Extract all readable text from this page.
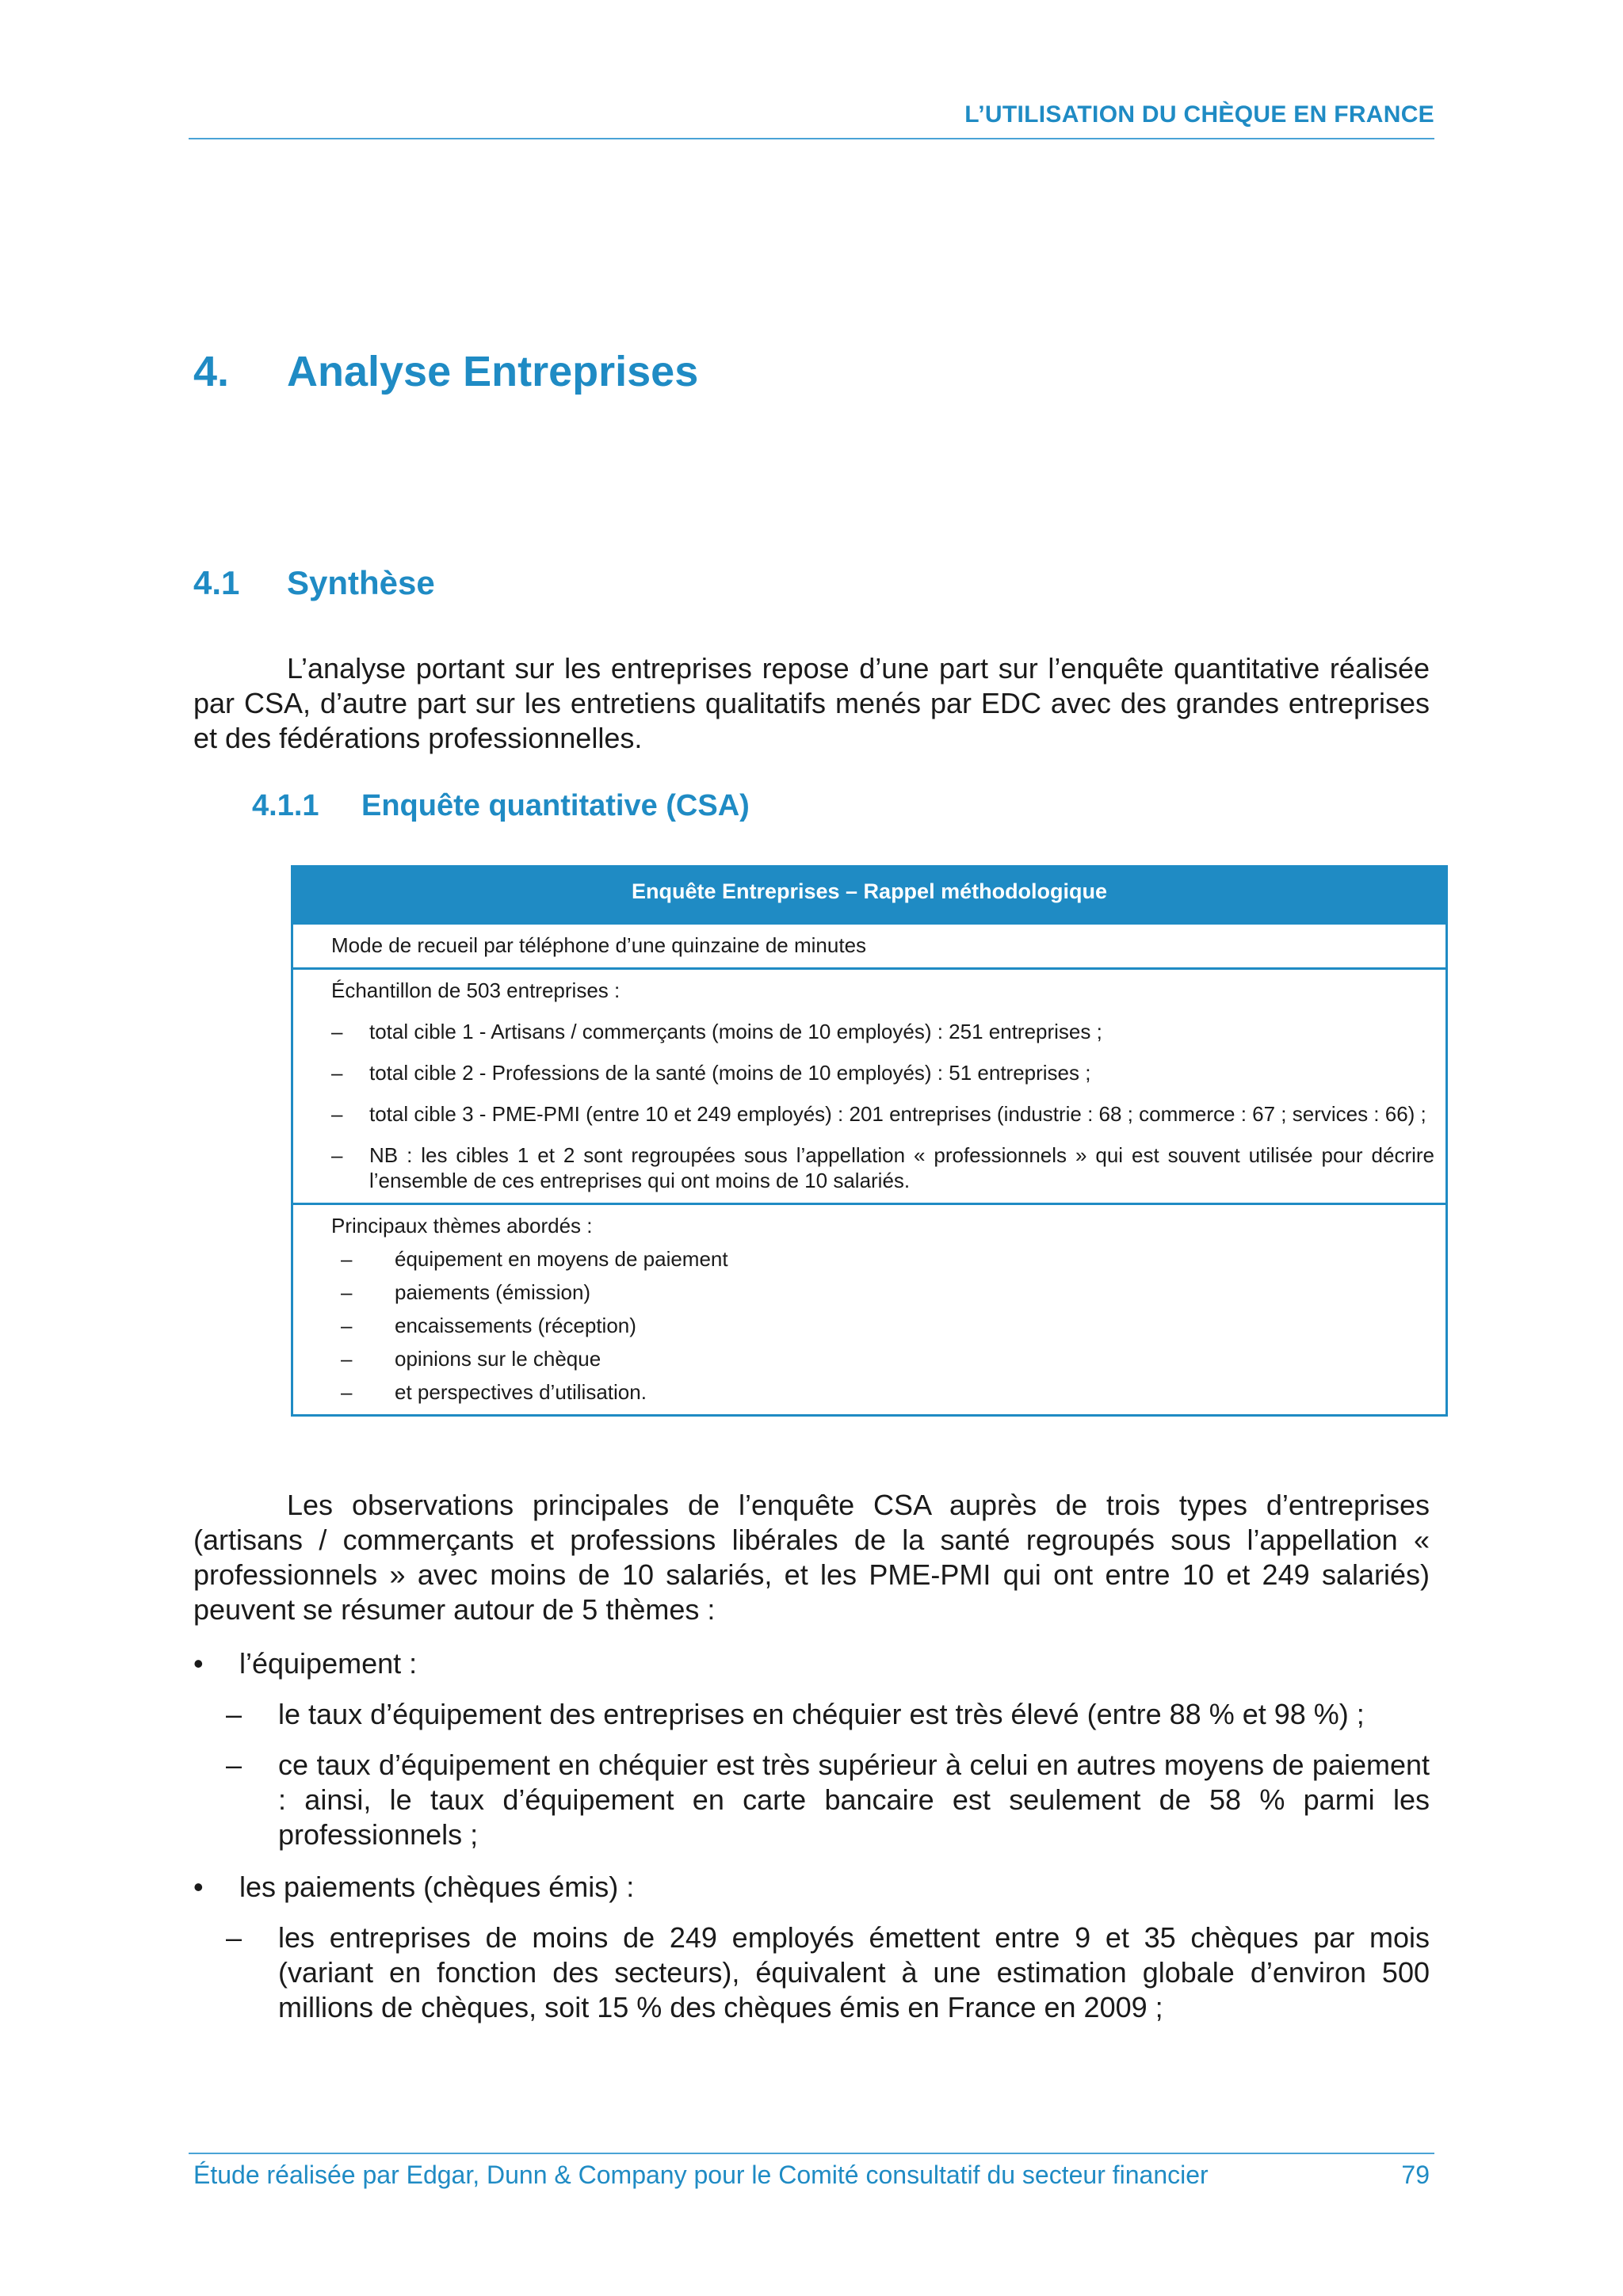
L’UTILISATION DU CHÈQUE EN FRANCE
4. Analyse Entreprises
4.1 Synthèse

L’analyse portant sur les entreprises repose d’une part sur l’enquête quantitative réalisée par CSA, d’autre part sur les entretiens qualitatifs menés par EDC avec des grandes entreprises et des fédérations professionnelles.

4.1.1 Enquête quantitative (CSA)
Enquête Entreprises – Rappel méthodologique

Mode de recueil par téléphone d’une quinzaine de minutes

Échantillon de 503 entreprises :

–	total cible 1 - Artisans / commerçants (moins de 10 employés) : 251 entreprises ;
–	total cible 2 - Professions de la santé (moins de 10 employés) : 51 entreprises ;
–	total cible 3 - PME-PMI (entre 10 et 249 employés) : 201 entreprises (industrie : 68 ; commerce : 67 ; services : 66) ;
–	NB : les cibles 1 et 2 sont regroupées sous l’appellation « professionnels » qui est souvent utilisée pour décrire l’ensemble de ces entreprises qui ont moins de 10 salariés.

Principaux thèmes abordés :

–	équipement en moyens de paiement
–	paiements (émission)
–	encaissements (réception)
–	opinions sur le chèque
–	et perspectives d’utilisation.

Les observations principales de l’enquête CSA auprès de trois types d’entreprises (artisans / commerçants et professions libérales de la santé regroupés sous l’appellation « professionnels » avec moins de 10 salariés, et les PME-PMI qui ont entre 10 et 249 salariés) peuvent se résumer autour de 5 thèmes :

•	l’équipement :
–	le taux d’équipement des entreprises en chéquier est très élevé (entre 88 % et 98 %) ;
–	ce taux d’équipement en chéquier est très supérieur à celui en autres moyens de paiement : ainsi, le taux d’équipement en carte bancaire est seulement de 58 % parmi les professionnels ;
•	les paiements (chèques émis) :
–	les entreprises de moins de 249 employés émettent entre 9 et 35 chèques par mois (variant en fonction des secteurs), équivalent à une estimation globale d’environ 500 millions de chèques, soit 15 % des chèques émis en France en 2009 ;
Étude réalisée par Edgar, Dunn & Company pour le Comité consultatif du secteur financier	79
